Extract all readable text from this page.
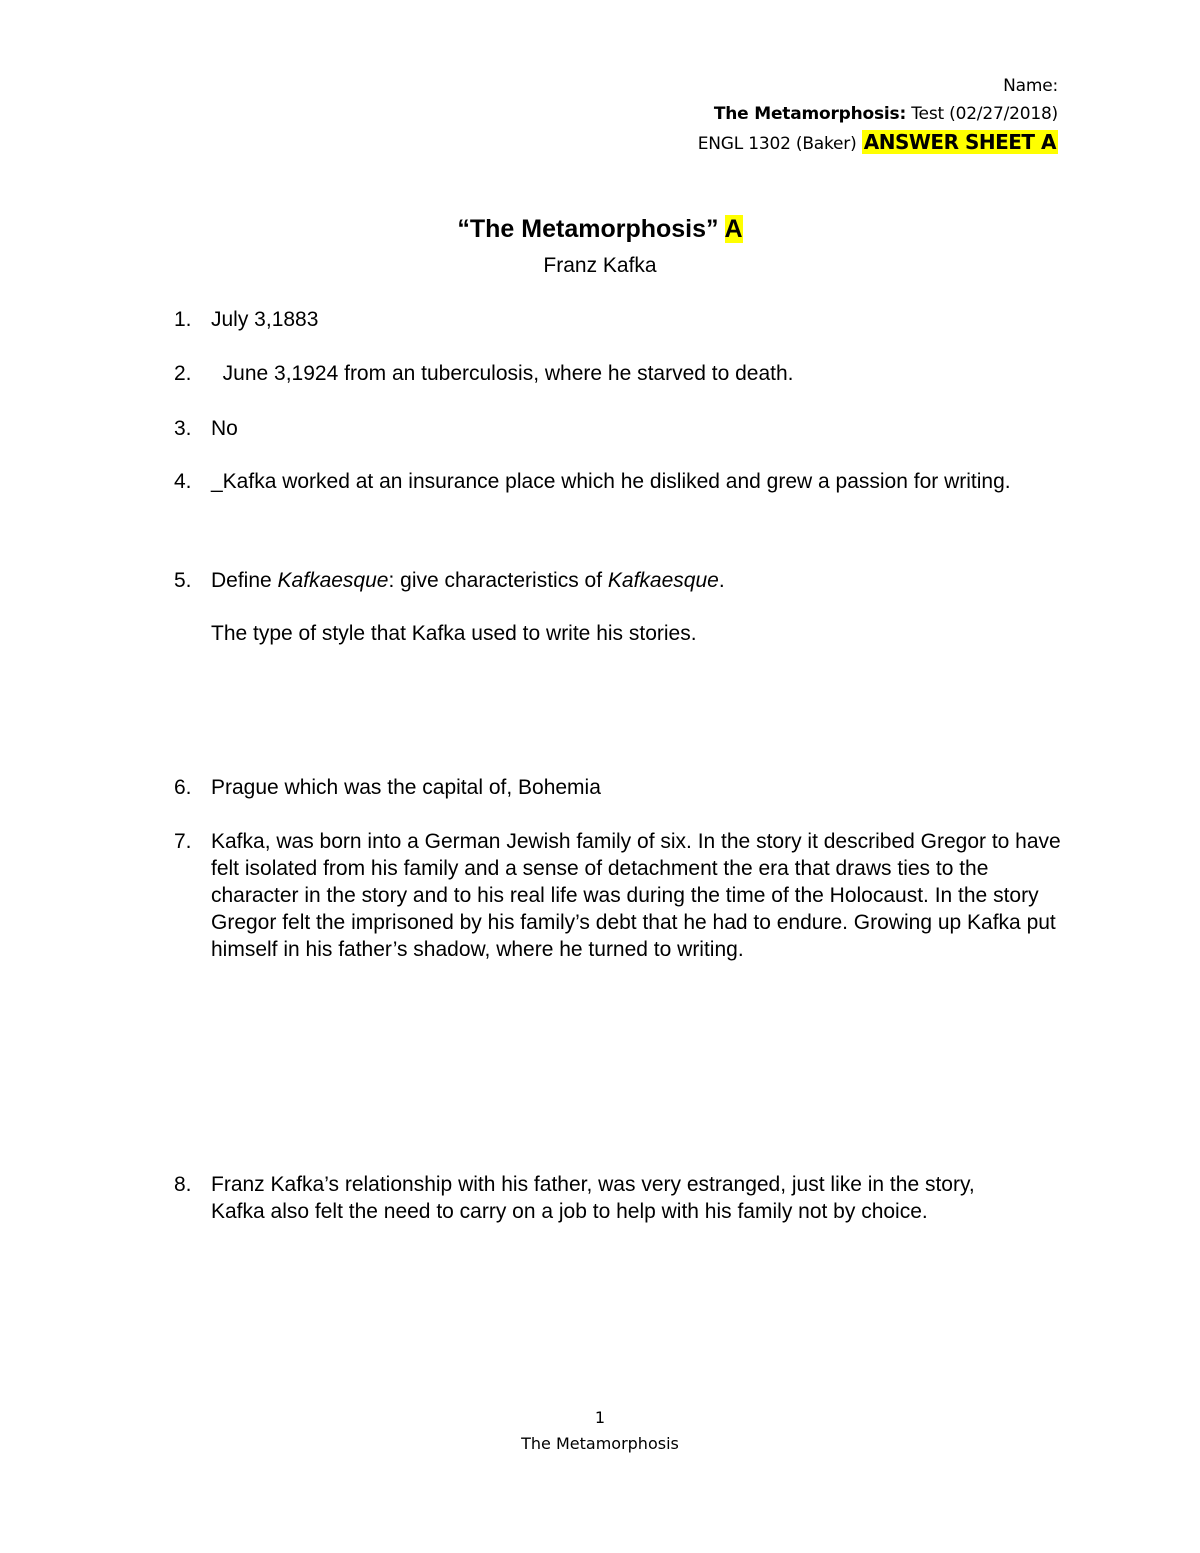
Name:
The Metamorphosis: Test (02/27/2018)
ENGL 1302 (Baker) ANSWER SHEET A
“The Metamorphosis” A
Franz Kafka
1. July 3,1883
2. June 3,1924 from an tuberculosis, where he starved to death.
3. No
4. _Kafka worked at an insurance place which he disliked and grew a passion for writing.
5. Define Kafkaesque: give characteristics of Kafkaesque.
The type of style that Kafka used to write his stories.
6. Prague which was the capital of, Bohemia
7. Kafka, was born into a German Jewish family of six. In the story it described Gregor to have felt isolated from his family and a sense of detachment the era that draws ties to the character in the story and to his real life was during the time of the Holocaust. In the story Gregor felt the imprisoned by his family’s debt that he had to endure. Growing up Kafka put himself in his father’s shadow, where he turned to writing.
8. Franz Kafka’s relationship with his father, was very estranged, just like in the story, Kafka also felt the need to carry on a job to help with his family not by choice.
1
The Metamorphosis
